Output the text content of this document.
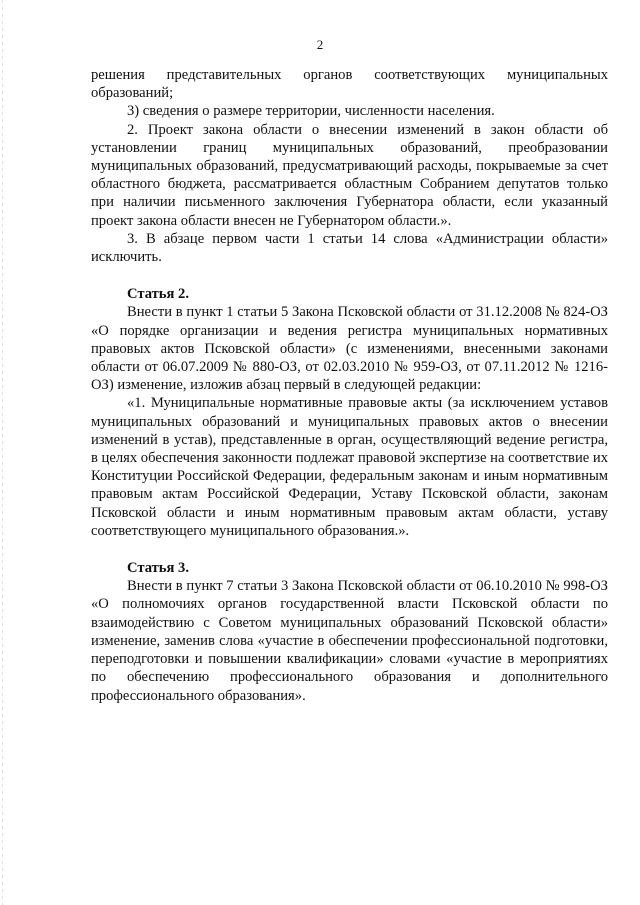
2

решения представительных органов соответствующих муниципальных образований;

3) сведения о размере территории, численности населения.

2. Проект закона области о внесении изменений в закон области об установлении границ муниципальных образований, преобразовании муниципальных образований, предусматривающий расходы, покрываемые за счет областного бюджета, рассматривается областным Собранием депутатов только при наличии письменного заключения Губернатора области, если указанный проект закона области внесен не Губернатором области.».

3. В абзаце первом части 1 статьи 14 слова «Администрации области» исключить.

Статья 2.

Внести в пункт 1 статьи 5 Закона Псковской области от 31.12.2008 № 824-ОЗ «О порядке организации и ведения регистра муниципальных нормативных правовых актов Псковской области» (с изменениями, внесенными законами области от 06.07.2009 № 880-ОЗ, от 02.03.2010 № 959-ОЗ, от 07.11.2012 № 1216-ОЗ) изменение, изложив абзац первый в следующей редакции:

«1. Муниципальные нормативные правовые акты (за исключением уставов муниципальных образований и муниципальных правовых актов о внесении изменений в устав), представленные в орган, осуществляющий ведение регистра, в целях обеспечения законности подлежат правовой экспертизе на соответствие их Конституции Российской Федерации, федеральным законам и иным нормативным правовым актам Российской Федерации, Уставу Псковской области, законам Псковской области и иным нормативным правовым актам области, уставу соответствующего муниципального образования.».

Статья 3.

Внести в пункт 7 статьи 3 Закона Псковской области от 06.10.2010 № 998-ОЗ «О полномочиях органов государственной власти Псковской области по взаимодействию с Советом муниципальных образований Псковской области» изменение, заменив слова «участие в обеспечении профессиональной подготовки, переподготовки и повышении квалификации» словами «участие в мероприятиях по обеспечению профессионального образования и дополнительного профессионального образования».
